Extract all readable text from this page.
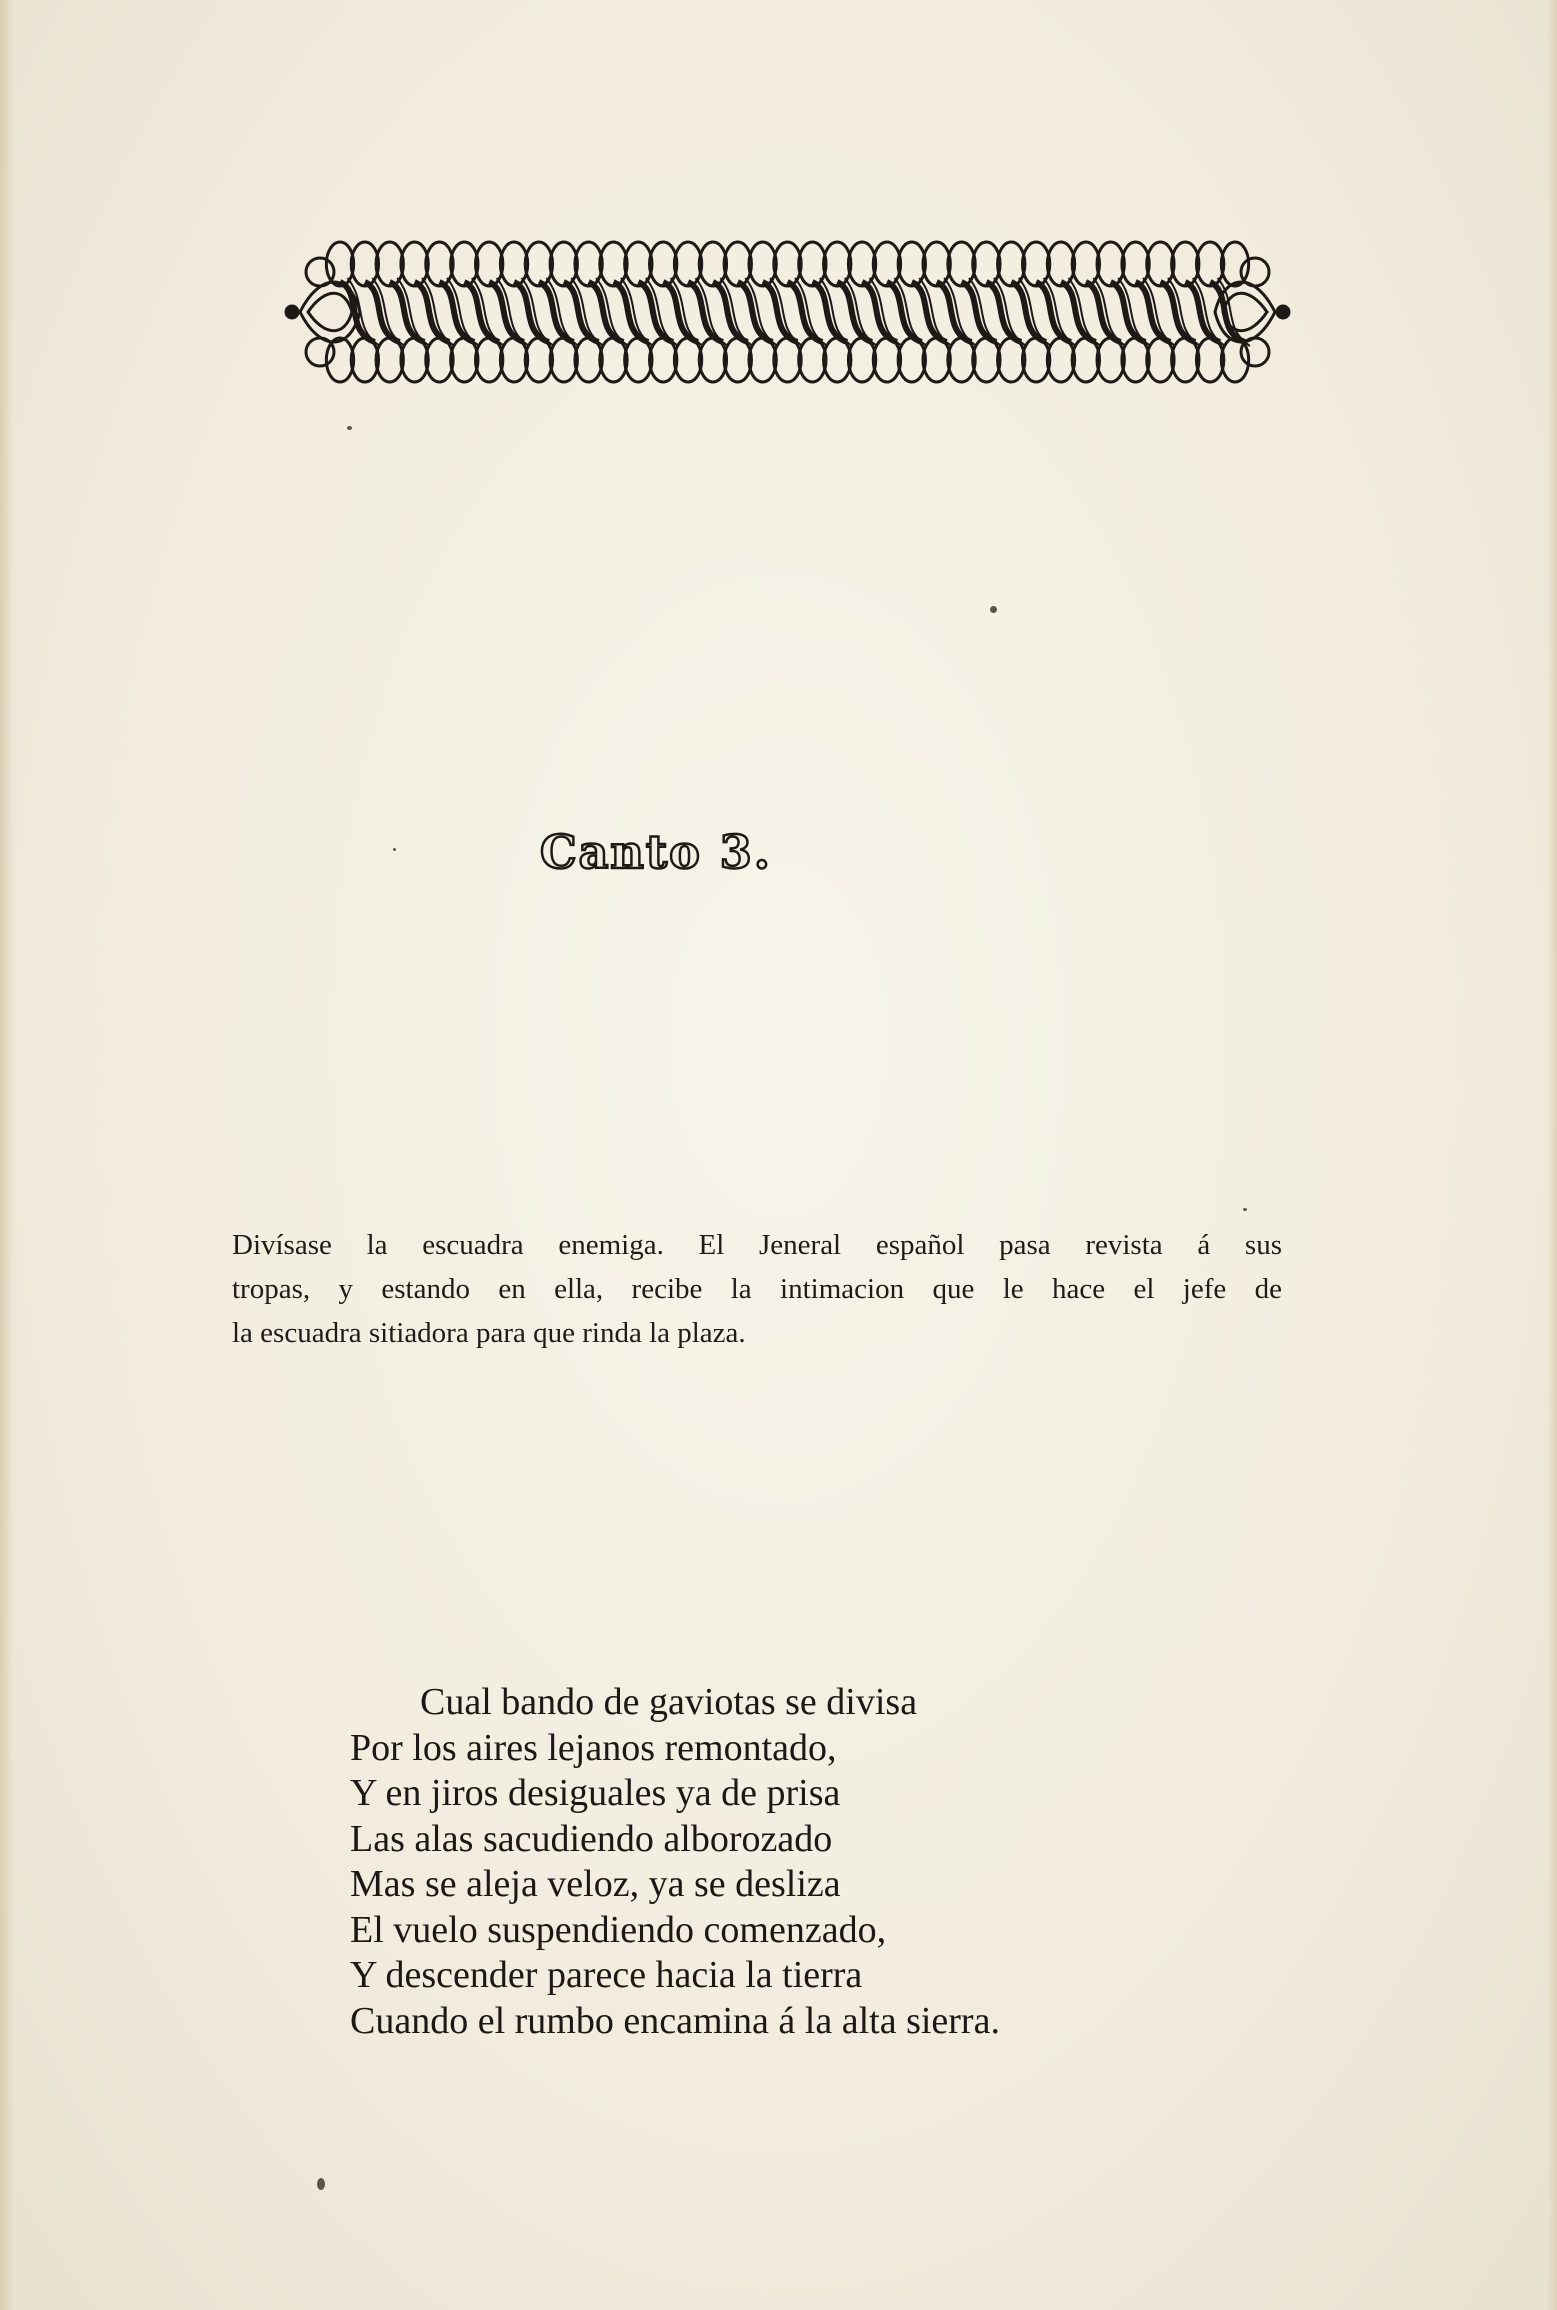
Canto 3.
Divísase la escuadra enemiga. El Jeneral español pasa revista á sus
tropas, y estando en ella, recibe la intimacion que le hace el jefe de
la escuadra sitiadora para que rinda la plaza.
Cual bando de gaviotas se divisa
Por los aires lejanos remontado,
Y en jiros desiguales ya de prisa
Las alas sacudiendo alborozado
Mas se aleja veloz, ya se desliza
El vuelo suspendiendo comenzado,
Y descender parece hacia la tierra
Cuando el rumbo encamina á la alta sierra.
